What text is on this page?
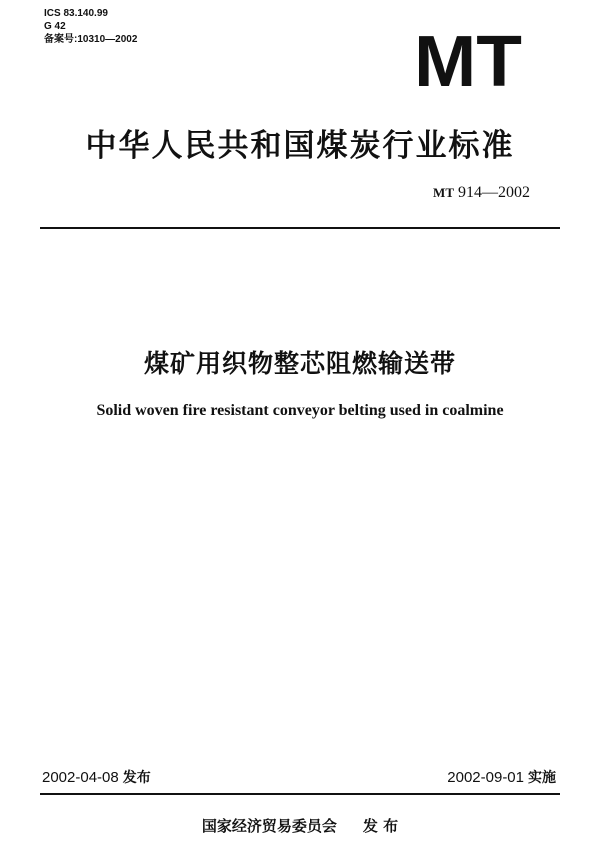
ICS 83.140.99
G 42
备案号:10310—2002	MT
中华人民共和国煤炭行业标准
MT 914—2002
煤矿用织物整芯阻燃输送带
Solid woven fire resistant conveyor belting used in coalmine
2002-04-08 发布	2002-09-01 实施
国家经济贸易委员会 发 布
